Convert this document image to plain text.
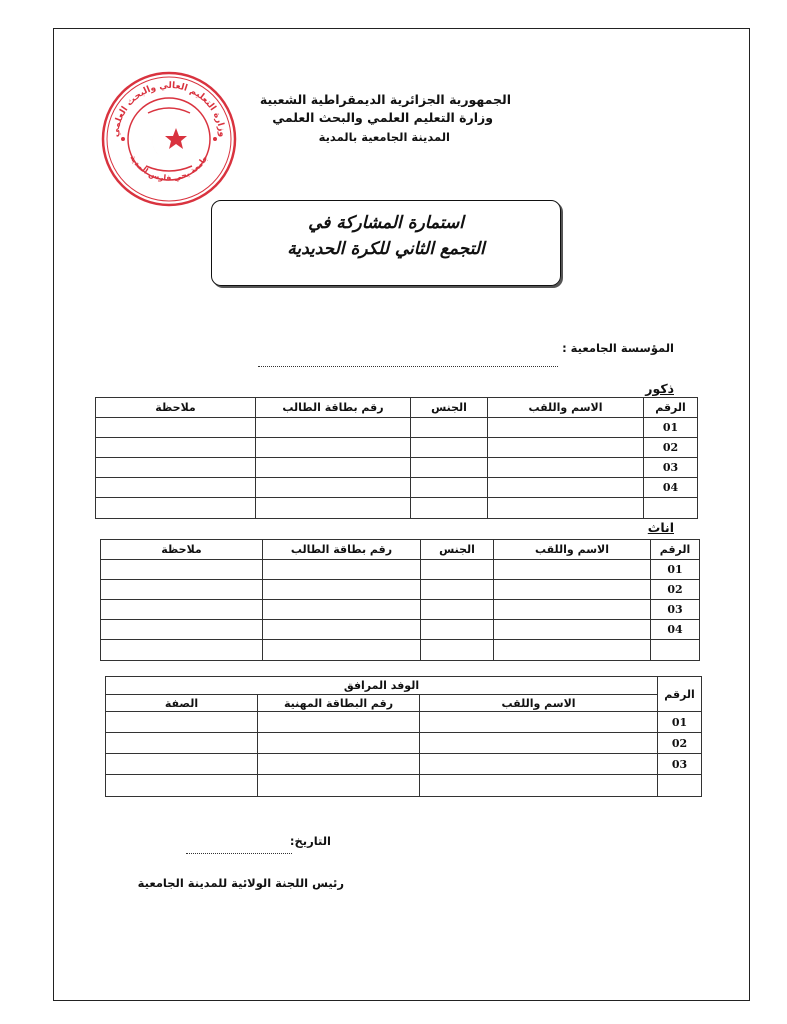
وزارة التعليم العالي والبحث العلمي
جامعة يحي فارس المدية
الجمهورية الجزائرية الديمقراطية الشعبية
وزارة التعليم العلمي والبحث العلمي
المدينة الجامعية بالمدية
استمارة المشاركة في
التجمع الثاني للكرة الحديدية
المؤسسة الجامعية :
ذكور
الرقم	الاسم واللقب	الجنس	رقم بطاقة الطالب	ملاحظة
01				
02				
03				
04				

اناث
الرقم	الاسم واللقب	الجنس	رقم بطاقة الطالب	ملاحظة
01				
02				
03				
04				

الرقم	الوفد المرافق		
	الاسم واللقب	رقم البطاقة المهنية	الصفة
01			
02			
03			

التاريخ:
رئيس اللجنة الولائية للمدينة الجامعية
